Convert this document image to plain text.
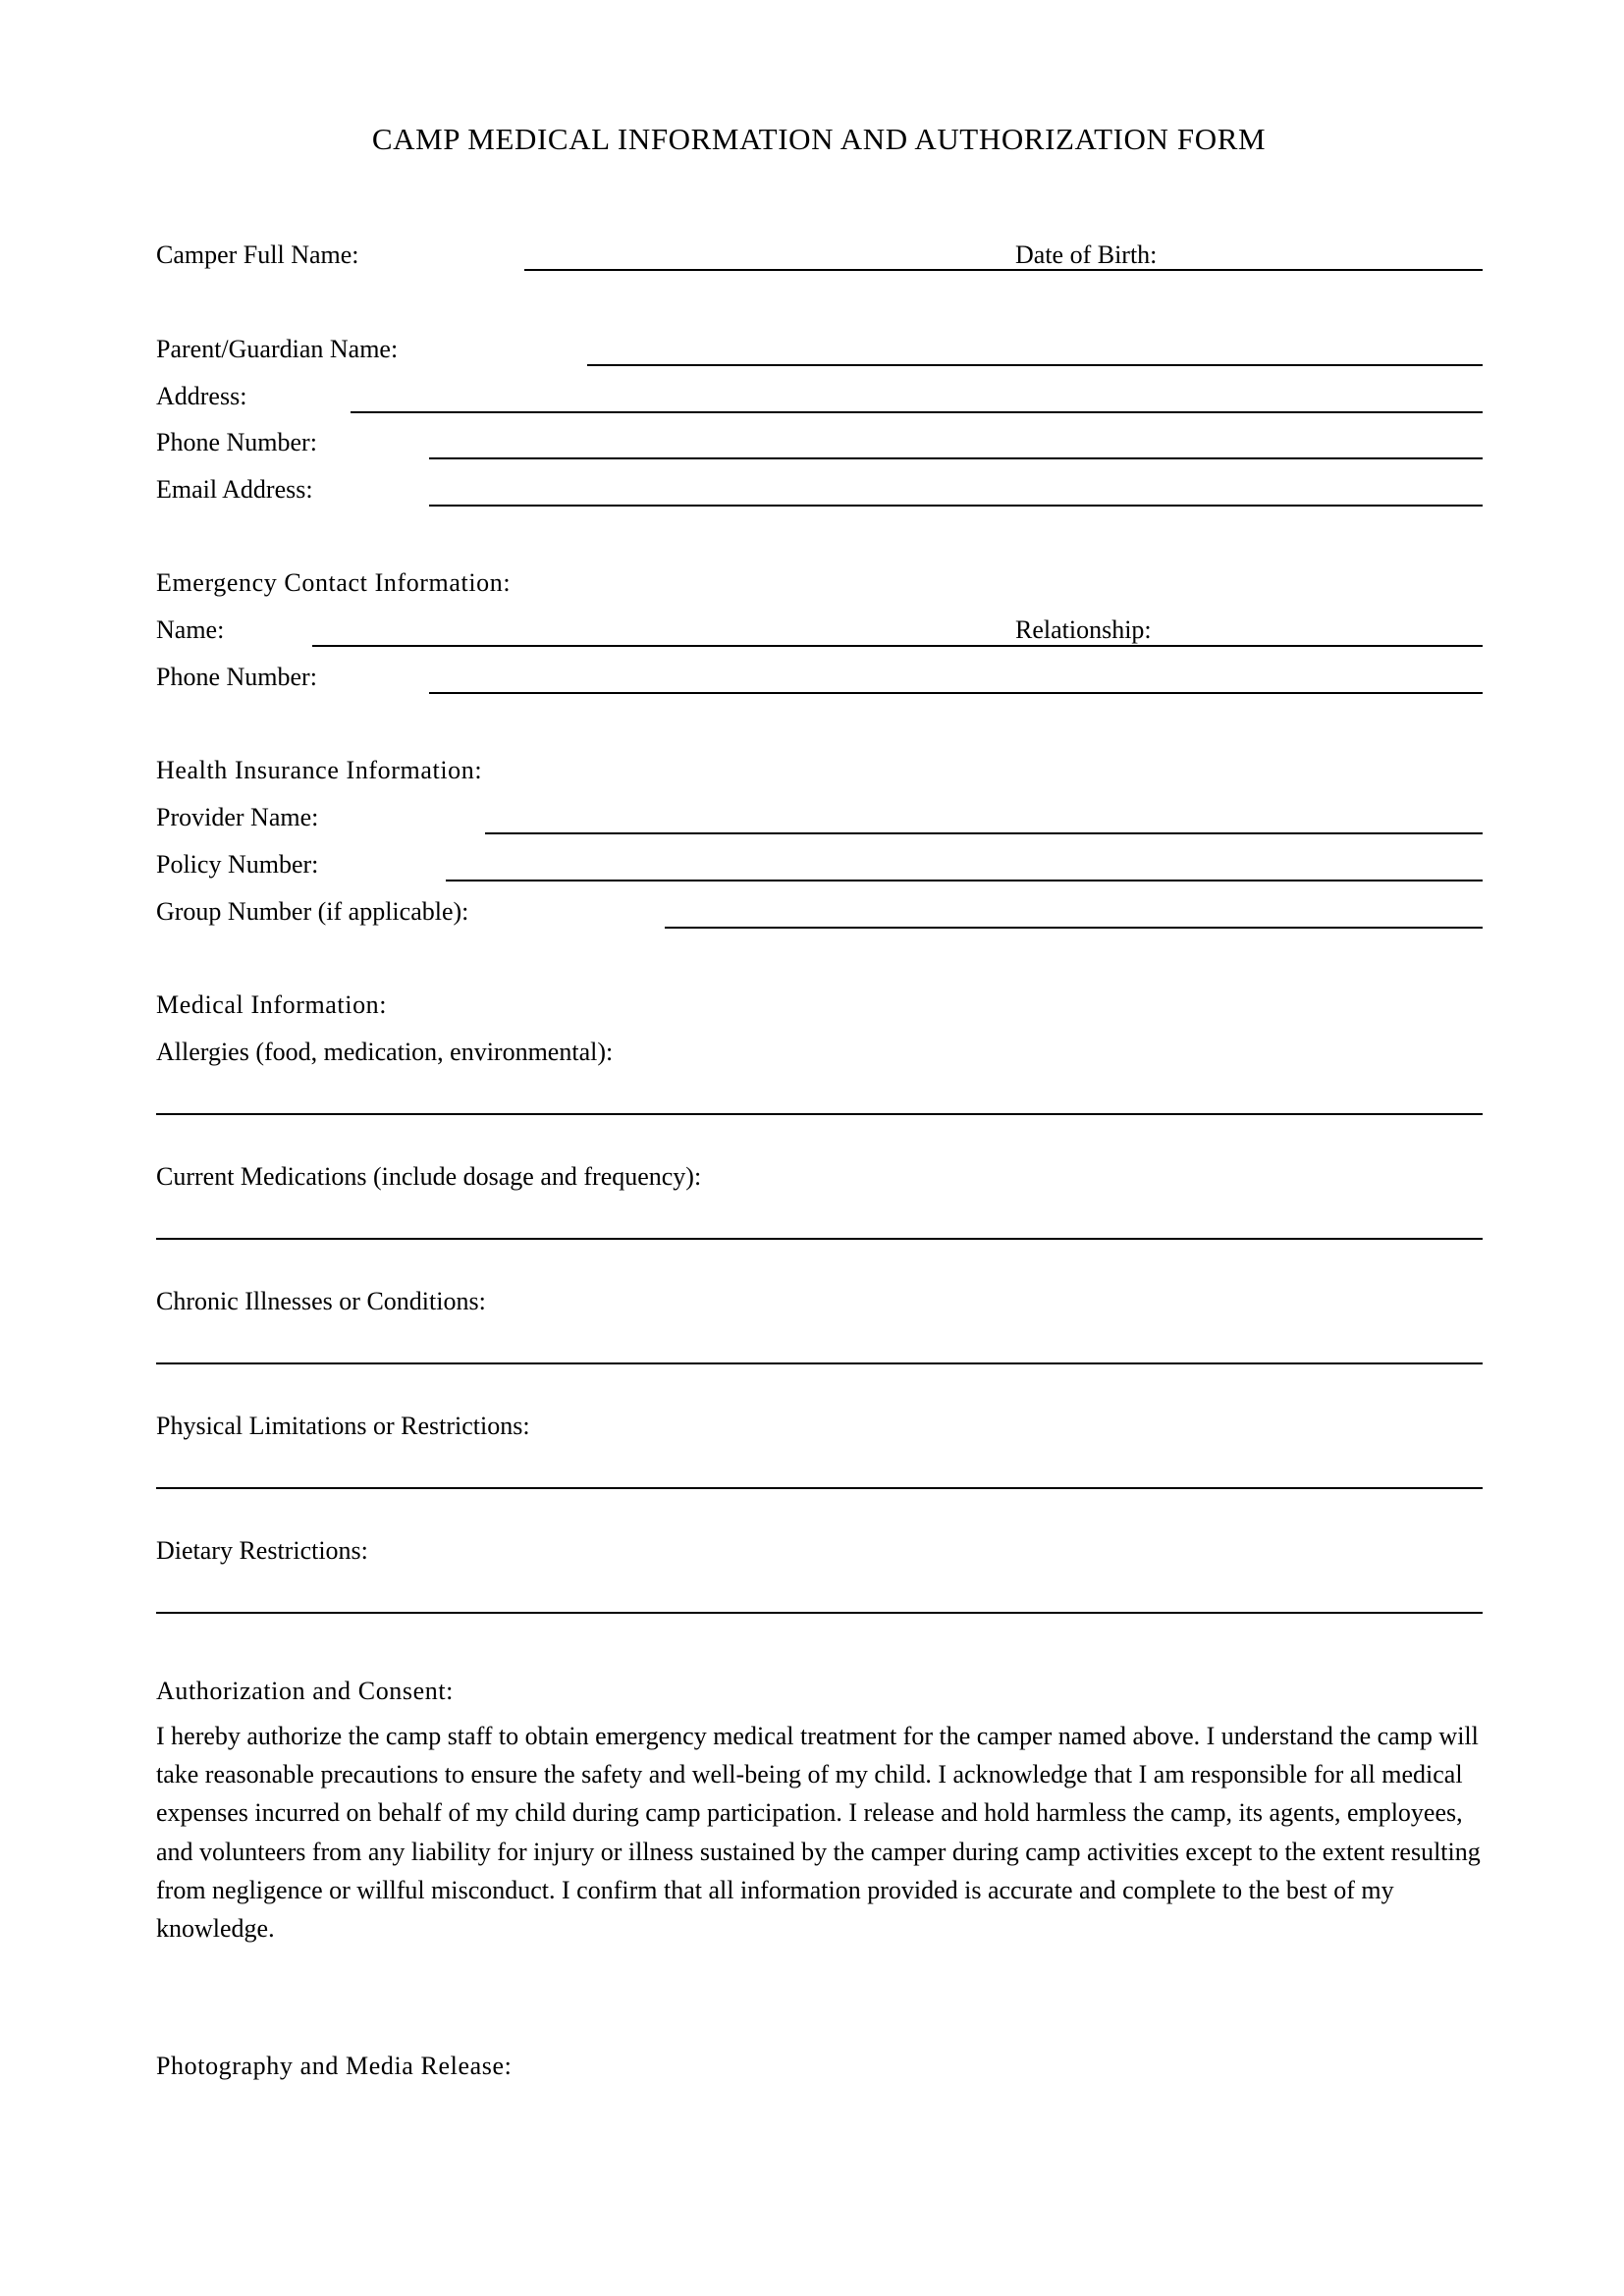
CAMP MEDICAL INFORMATION AND AUTHORIZATION FORM
Camper Full Name:	Date of Birth:
Parent/Guardian Name:
Address:
Phone Number:
Email Address:
Emergency Contact Information:
Name:	Relationship:
Phone Number:
Health Insurance Information:
Provider Name:
Policy Number:
Group Number (if applicable):
Medical Information:
Allergies (food, medication, environmental):
Current Medications (include dosage and frequency):
Chronic Illnesses or Conditions:
Physical Limitations or Restrictions:
Dietary Restrictions:
Authorization and Consent:
I hereby authorize the camp staff to obtain emergency medical treatment for the camper named above. I understand the camp will take reasonable precautions to ensure the safety and well-being of my child. I acknowledge that I am responsible for all medical expenses incurred on behalf of my child during camp participation. I release and hold harmless the camp, its agents, employees, and volunteers from any liability for injury or illness sustained by the camper during camp activities except to the extent resulting from negligence or willful misconduct. I confirm that all information provided is accurate and complete to the best of my knowledge.
Photography and Media Release:
